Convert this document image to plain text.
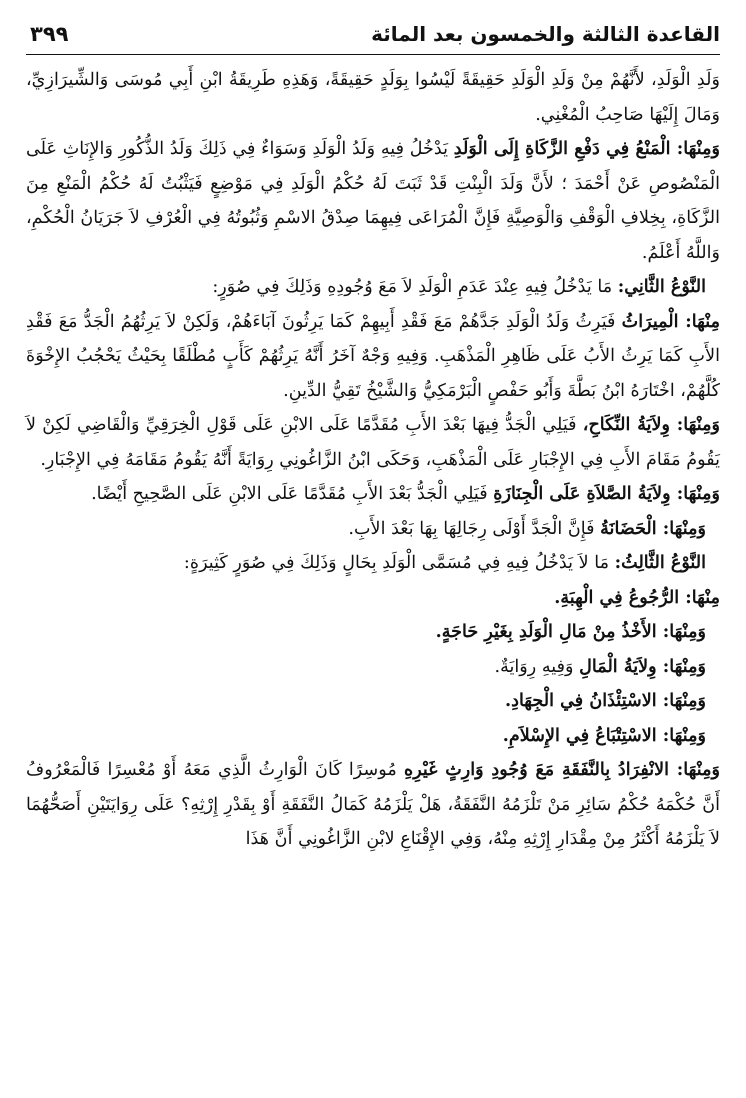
القاعدة الثالثة والخمسون بعد المائة
٣٩٩

وَلَدِ الْوَلَدِ، لأَنَّهُمْ مِنْ وَلَدِ الْوَلَدِ حَقِيقَةً لَيْسُوا بِوَلَدٍ حَقِيقَةً، وَهَذِهِ طَرِيقَةُ ابْنِ أَبِي مُوسَى وَالشِّيرَازِيِّ، وَمَالَ إِلَيْهَا صَاحِبُ الْمُغْنِي.

وَمِنْهَا: الْمَنْعُ فِي دَفْعِ الزَّكَاةِ إِلَى الْوَلَدِ يَدْخُلُ فِيهِ وَلَدُ الْوَلَدِ وَسَوَاءٌ فِي ذَلِكَ وَلَدُ الذُّكُورِ وَالإِنَاثِ عَلَى الْمَنْصُوصِ عَنْ أَحْمَدَ ؛ لأَنَّ وَلَدَ الْبِنْتِ قَدْ ثَبَتَ لَهُ حُكْمُ الْوَلَدِ فِي مَوْضِعٍ فَيَثْبُتُ لَهُ حُكْمُ الْمَنْعِ مِنَ الزَّكَاةِ، بِخِلافِ الْوَقْفِ وَالْوَصِيَّةِ فَإِنَّ الْمُرَاعَى فِيهِمَا صِدْقُ الاسْمِ وَثُبُوتُهُ فِي الْعُرْفِ لاَ جَرَيَانُ الْحُكْمِ، وَاللَّهُ أَعْلَمُ.

النَّوْعُ الثَّانِي: مَا يَدْخُلُ فِيهِ عِنْدَ عَدَمِ الْوَلَدِ لاَ مَعَ وُجُودِهِ وَذَلِكَ فِي صُوَرٍ:

مِنْهَا: الْمِيرَاثُ فَيَرِثُ وَلَدُ الْوَلَدِ جَدَّهُمْ مَعَ فَقْدِ أَبِيهِمْ كَمَا يَرِثُونَ آبَاءَهُمْ، وَلَكِنْ لاَ يَرِثُهُمُ الْجَدُّ مَعَ فَقْدِ الأَبِ كَمَا يَرِثُ الأَبُ عَلَى ظَاهِرِ الْمَذْهَبِ. وَفِيهِ وَجْهٌ آخَرُ أَنَّهُ يَرِثُهُمْ كَأَبٍ مُطْلَقًا بِحَيْثُ يَحْجُبُ الإِخْوَةَ كُلَّهُمْ، اخْتَارَهُ ابْنُ بَطَّةَ وَأَبُو حَفْصٍ الْبَرْمَكِيُّ وَالشَّيْخُ تَقِيُّ الدِّينِ.

وَمِنْهَا: وِلاَيَةُ النِّكَاحِ، فَيَلِي الْجَدُّ فِيهَا بَعْدَ الأَبِ مُقَدَّمًا عَلَى الابْنِ عَلَى قَوْلِ الْخِرَقِيِّ وَالْقَاضِي لَكِنْ لاَ يَقُومُ مَقَامَ الأَبِ فِي الإِجْبَارِ عَلَى الْمَذْهَبِ، وَحَكَى ابْنُ الزَّاغُونِي رِوَايَةً أَنَّهُ يَقُومُ مَقَامَهُ فِي الإِجْبَارِ.

وَمِنْهَا: وِلاَيَةُ الصَّلاَةِ عَلَى الْجِنَازَةِ فَيَلِي الْجَدُّ بَعْدَ الأَبِ مُقَدَّمًا عَلَى الابْنِ عَلَى الصَّحِيحِ أَيْضًا.

وَمِنْهَا: الْحَضَانَةُ فَإِنَّ الْجَدَّ أَوْلَى رِجَالِهَا بِهَا بَعْدَ الأَبِ.

النَّوْعُ الثَّالِثُ: مَا لاَ يَدْخُلُ فِيهِ فِي مُسَمَّى الْوَلَدِ بِحَالٍ وَذَلِكَ فِي صُوَرٍ كَثِيرَةٍ:

مِنْهَا: الرُّجُوعُ فِي الْهِبَةِ.

وَمِنْهَا: الأَخْذُ مِنْ مَالِ الْوَلَدِ بِغَيْرِ حَاجَةٍ.

وَمِنْهَا: وِلاَيَةُ الْمَالِ وَفِيهِ رِوَايَةٌ.

وَمِنْهَا: الاسْتِئْذَانُ فِي الْجِهَادِ.

وَمِنْهَا: الاسْتِتْبَاعُ فِي الإِسْلاَمِ.

وَمِنْهَا: الانْفِرَادُ بِالنَّفَقَةِ مَعَ وُجُودِ وَارِثٍ غَيْرِهِ مُوسِرًا كَانَ الْوَارِثُ الَّذِي مَعَهُ أَوْ مُعْسِرًا فَالْمَعْرُوفُ أَنَّ حُكْمَهُ حُكْمُ سَائِرِ مَنْ تَلْزَمُهُ النَّفَقَةُ، هَلْ يَلْزَمُهُ كَمَالُ النَّفَقَةِ أَوْ بِقَدْرِ إِرْثِهِ؟ عَلَى رِوَايَتَيْنِ أَصَحُّهُمَا لاَ يَلْزَمُهُ أَكْثَرُ مِنْ مِقْدَارِ إِرْثِهِ مِنْهُ، وَفِي الإِقْنَاعِ لابْنِ الزَّاغُونِي أَنَّ هَذَا
